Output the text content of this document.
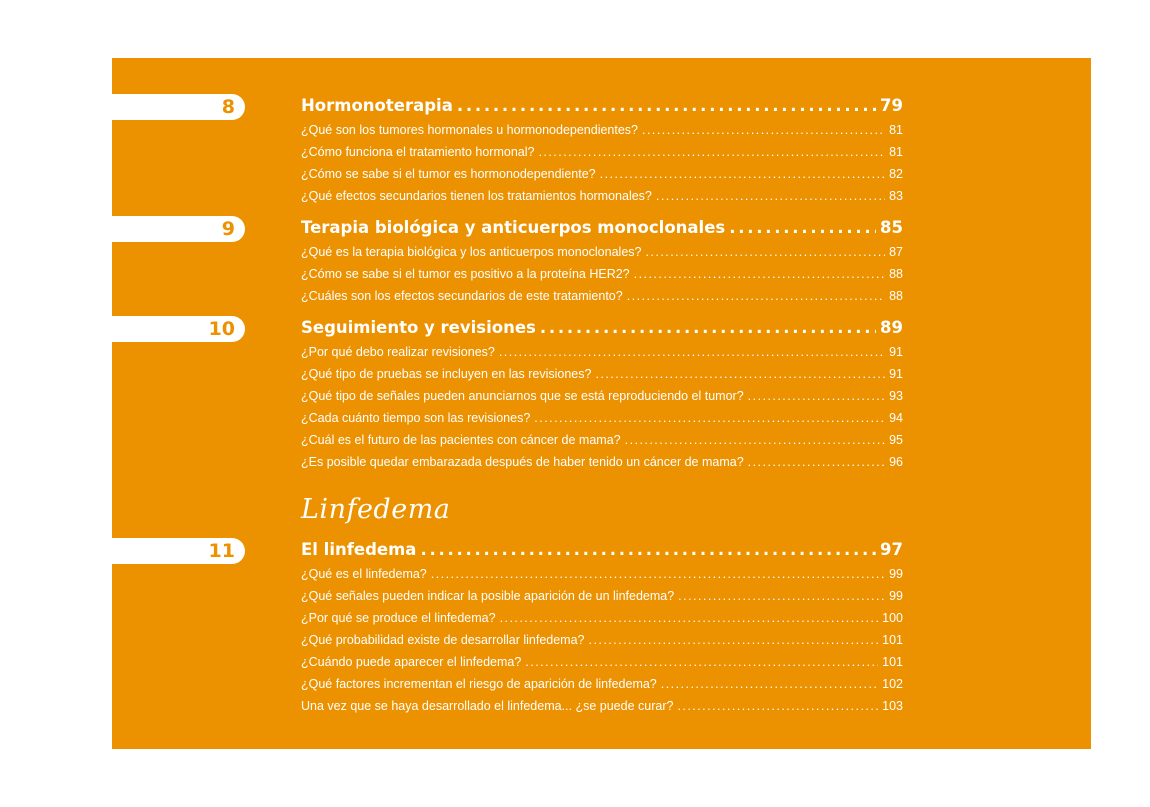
8	Hormonoterapia . . .	79
¿Qué son los tumores hormonales u hormonodependientes? . . .	81
¿Cómo funciona el tratamiento hormonal? . . .	81
¿Cómo se sabe si el tumor es hormonodependiente? . . .	82
¿Qué efectos secundarios tienen los tratamientos hormonales? . . .	83
9	Terapia biológica y anticuerpos monoclonales . . .	85
¿Qué es la terapia biológica y los anticuerpos monoclonales? . . .	87
¿Cómo se sabe si el tumor es positivo a la proteína HER2? . . .	88
¿Cuáles son los efectos secundarios de este tratamiento? . . .	88
10	Seguimiento y revisiones . . .	89
¿Por qué debo realizar revisiones? . . .	91
¿Qué tipo de pruebas se incluyen en las revisiones? . . .	91
¿Qué tipo de señales pueden anunciarnos que se está reproduciendo el tumor? . . .	93
¿Cada cuánto tiempo son las revisiones? . . .	94
¿Cuál es el futuro de las pacientes con cáncer de mama? . . .	95
¿Es posible quedar embarazada después de haber tenido un cáncer de mama? . . .	96
Linfedema
11	El linfedema . . .	97
¿Qué es el linfedema? . . .	99
¿Qué señales pueden indicar la posible aparición de un linfedema? . . .	99
¿Por qué se produce el linfedema? . . .	100
¿Qué probabilidad existe de desarrollar linfedema? . . .	101
¿Cuándo puede aparecer el linfedema? . . .	101
¿Qué factores incrementan el riesgo de aparición de linfedema? . . .	102
Una vez que se haya desarrollado el linfedema... ¿se puede curar? . . .	103
